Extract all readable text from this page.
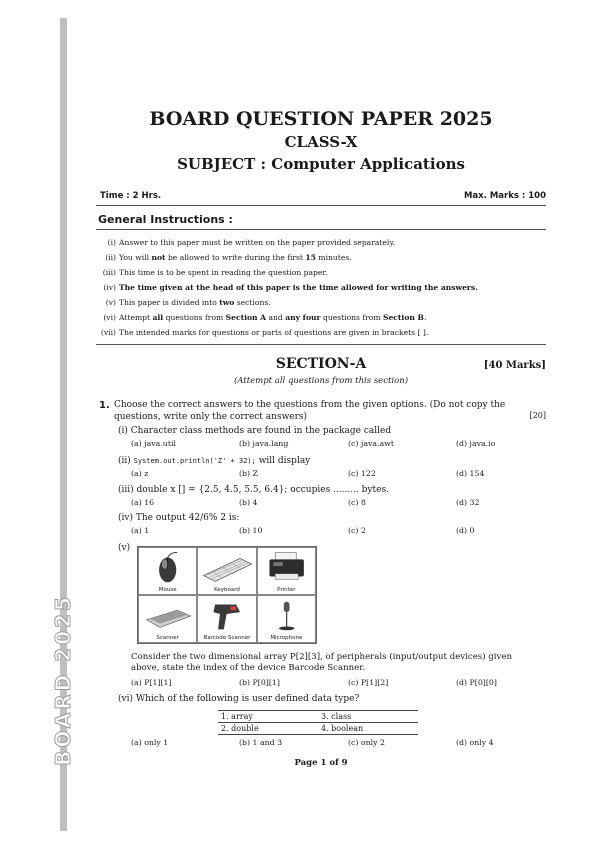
BOARD 2025
BOARD QUESTION PAPER 2025
CLASS-X
SUBJECT : Computer Applications
Time : 2 Hrs.	Max. Marks : 100
General Instructions :
(i) Answer to this paper must be written on the paper provided separately.
(ii) You will not be allowed to write during the first 15 minutes.
(iii) This time is to be spent in reading the question paper.
(iv) The time given at the head of this paper is the time allowed for writing the answers.
(v) This paper is divided into two sections.
(vi) Attempt all questions from Section A and any four questions from Section B.
(vii) The intended marks for questions or parts of questions are given in brackets [ ].
SECTION-A	[40 Marks]
(Attempt all questions from this section)
1. Choose the correct answers to the questions from the given options. (Do not copy the questions, write only the correct answers)	[20]
(i) Character class methods are found in the package called
(a) java.util	(b) java.lang	(c) java.awt	(d) java.io
(ii) System.out.println('Z' + 32); will display
(a) z	(b) Z	(c) 122	(d) 154
(iii) double x [] = {2.5, 4.5, 5.5, 6.4}; occupies ......... bytes.
(a) 16	(b) 4	(c) 8	(d) 32
(iv) The output 42/6% 2 is:
(a) 1	(b) 10	(c) 2	(d) 0
(v)
Mouse	Keyboard	Printer
Scanner	Barcode Scanner	Microphone
Consider the two dimensional array P[2][3], of peripherals (input/output devices) given above, state the index of the device Barcode Scanner.
(a) P[1][1]	(b) P[0][1]	(c) P[1][2]	(d) P[0][0]
(vi) Which of the following is user defined data type?
1. array	3. class
2. double	4. boolean
(a) only 1	(b) 1 and 3	(c) only 2	(d) only 4
Page 1 of 9
